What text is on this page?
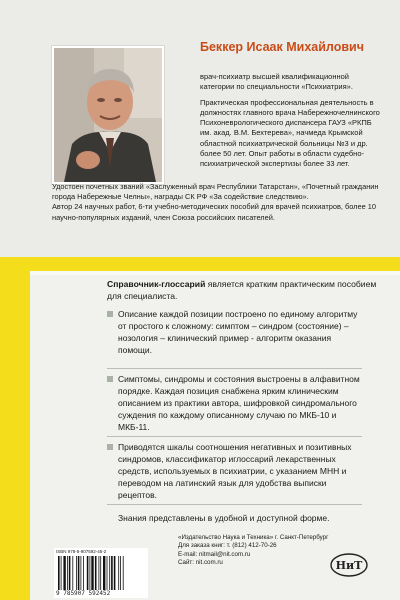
Беккер Исаак Михайлович

врач-психиатр высшей квалификационной категории по специальности «Психиатрия».

Практическая профессиональная деятельность в должностях главного врача Набережночелнинского Психоневрологического диспансера ГАУЗ «РКПБ им. акад. В.М. Бехтерева», начмеда Крымской областной психиатрической больницы №3 и др. более 50 лет. Опыт работы в области судебно-психиатрической экспертизы более 33 лет.

Удостоен почетных званий «Заслуженный врач Республики Татарстан», «Почетный гражданин города Набережные Челны», награды СК РФ «За содействие следствию».
Автор 24 научных работ, 6-ти учебно-методических пособий для врачей психиатров, более 10 научно-популярных изданий, член Союза российских писателей.

Справочник-глоссарий является кратким практическим пособием для специалиста.

Описание каждой позиции построено по единому алгоритму от простого к сложному: симптом – синдром (состояние) – нозология – клинический пример - алгоритм оказания помощи.
Симптомы, синдромы и состояния выстроены в алфавитном порядке. Каждая позиция снабжена ярким клиническим описанием из практики автора, шифровкой синдромального суждения по каждому описанному случаю по МКБ-10 и МКБ-11.
Приводятся шкалы соотношения негативных и позитивных синдромов, классификатор иглоссарий лекарственных средств, используемых в психиатрии, с указанием МНН и переводом на латинский язык для удобства выписки рецептов.

Знания представлены в удобной и доступной форме.

ISBN 978-5-907592-45-2
9 785907 592452
«Издательство Наука и Техника» г. Санкт-Петербург
Для заказа книг: т. (812) 412-70-26
E-mail: nitmail@nit.com.ru
Сайт: nit.com.ru	НиТ
